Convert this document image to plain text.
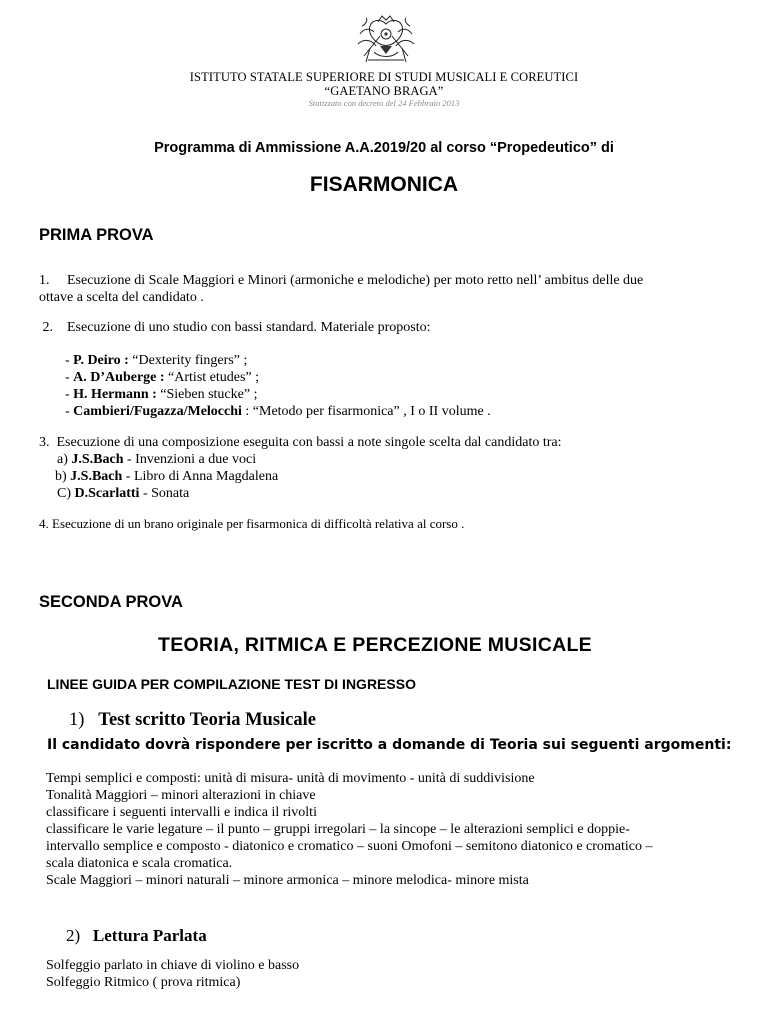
ISTITUTO STATALE SUPERIORE DI STUDI MUSICALI E COREUTICI
“GAETANO BRAGA”
Statizzato con decreto del 24 Febbraio 2013
Programma di Ammissione A.A.2019/20 al corso “Propedeutico” di
FISARMONICA
PRIMA PROVA
1.     Esecuzione di Scale Maggiori e Minori (armoniche e melodiche) per moto retto nell’ ambitus delle due
ottave a scelta del candidato .
2.    Esecuzione di uno studio con bassi standard. Materiale proposto:
- P. Deiro : “Dexterity fingers” ;
- A. D’Auberge : “Artist etudes” ;
- H. Hermann : “Sieben stucke” ;
- Cambieri/Fugazza/Melocchi : “Metodo per fisarmonica” , I o II volume .
3.  Esecuzione di una composizione eseguita con bassi a note singole scelta dal candidato tra:
a) J.S.Bach - Invenzioni a due voci
b) J.S.Bach - Libro di Anna Magdalena
C) D.Scarlatti - Sonata
4. Esecuzione di un brano originale per fisarmonica di difficoltà relativa al corso .
SECONDA PROVA
TEORIA, RITMICA E PERCEZIONE MUSICALE
LINEE GUIDA PER COMPILAZIONE TEST DI INGRESSO
1) Test scritto Teoria Musicale
Il candidato dovrà rispondere per iscritto a domande di Teoria sui seguenti argomenti:
Tempi semplici e composti: unità di misura- unità di movimento - unità di suddivisione
Tonalità Maggiori – minori alterazioni in chiave
classificare i seguenti intervalli e indica il rivolti
classificare le varie legature – il punto – gruppi irregolari – la sincope – le alterazioni semplici e doppie-
intervallo semplice e composto - diatonico e cromatico – suoni Omofoni – semitono diatonico e cromatico –
scala diatonica e scala cromatica.
Scale Maggiori – minori naturali – minore armonica – minore melodica- minore mista
2) Lettura Parlata
Solfeggio parlato in chiave di violino e basso
Solfeggio Ritmico ( prova ritmica)
